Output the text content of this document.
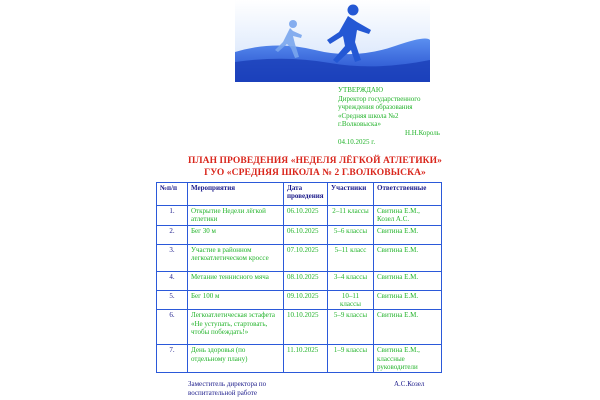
УТВЕРЖДАЮ
Директор государственного
учреждения образования
«Средняя школа №2
г.Волковыска»
Н.Н.Король
04.10.2025 г.
ПЛАН ПРОВЕДЕНИЯ «НЕДЕЛЯ ЛЁГКОЙ АТЛЕТИКИ»
ГУО «СРЕДНЯЯ ШКОЛА № 2 Г.ВОЛКОВЫСКА»
№п/п	Мероприятия	Дата проведения	Участники	Ответственные
1.	Открытие Недели лёгкой атлетики	06.10.2025	2–11 классы	Свитина Е.М., Козел А.С.
2.	Бег 30 м	06.10.2025	5–6 классы	Свитина Е.М.
3.	Участие в районном легкоатлетическом кроссе	07.10.2025	5–11 класс	Свитина Е.М.
4.	Метание теннисного мяча	08.10.2025	3–4 классы	Свитина Е.М.
5.	Бег 100 м	09.10.2025	10–11 классы	Свитина Е.М.
6.	Легкоатлетическая эстафета «Не уступать, стартовать, чтобы побеждать!»	10.10.2025	5–9 классы	Свитина Е.М.
7.	День здоровья (по отдельному плану)	11.10.2025	1–9 классы	Свитина Е.М., классные руководители
Заместитель директора по воспитательной работе
А.С.Козел
